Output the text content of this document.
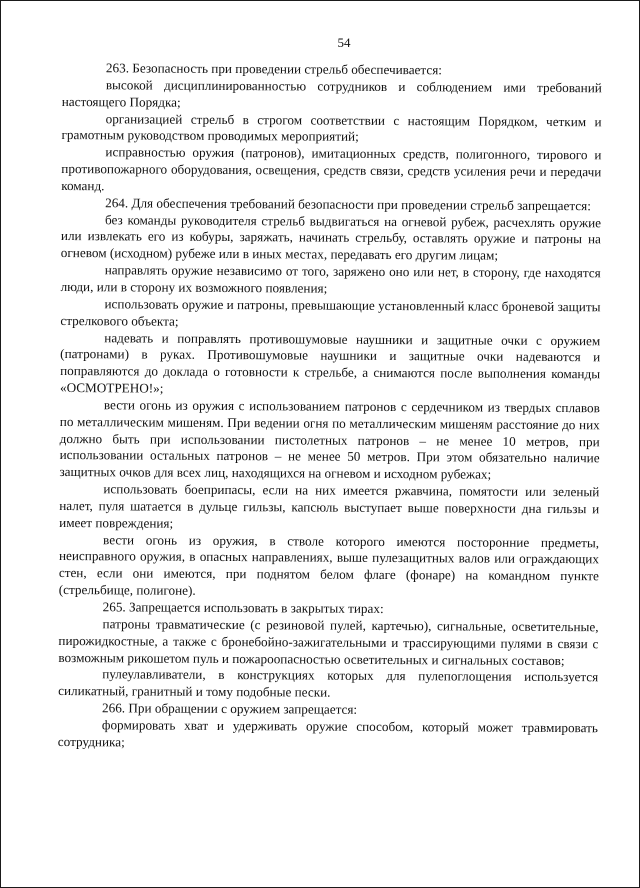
54

263. Безопасность при проведении стрельб обеспечивается:

высокой дисциплинированностью сотрудников и соблюдением ими требований настоящего Порядка;

организацией стрельб в строгом соответствии с настоящим Порядком, четким и грамотным руководством проводимых мероприятий;

исправностью оружия (патронов), имитационных средств, полигонного, тирового и противопожарного оборудования, освещения, средств связи, средств усиления речи и передачи команд.

264. Для обеспечения требований безопасности при проведении стрельб запрещается:

без команды руководителя стрельб выдвигаться на огневой рубеж, расчехлять оружие или извлекать его из кобуры, заряжать, начинать стрельбу, оставлять оружие и патроны на огневом (исходном) рубеже или в иных местах, передавать его другим лицам;

направлять оружие независимо от того, заряжено оно или нет, в сторону, где находятся люди, или в сторону их возможного появления;

использовать оружие и патроны, превышающие установленный класс броневой защиты стрелкового объекта;

надевать и поправлять противошумовые наушники и защитные очки с оружием (патронами) в руках. Противошумовые наушники и защитные очки надеваются и поправляются до доклада о готовности к стрельбе, а снимаются после выполнения команды «ОСМОТРЕНО!»;

вести огонь из оружия с использованием патронов с сердечником из твердых сплавов по металлическим мишеням. При ведении огня по металлическим мишеням расстояние до них должно быть при использовании пистолетных патронов – не менее 10 метров, при использовании остальных патронов – не менее 50 метров. При этом обязательно наличие защитных очков для всех лиц, находящихся на огневом и исходном рубежах;

использовать боеприпасы, если на них имеется ржавчина, помятости или зеленый налет, пуля шатается в дульце гильзы, капсюль выступает выше поверхности дна гильзы и имеет повреждения;

вести огонь из оружия, в стволе которого имеются посторонние предметы, неисправного оружия, в опасных направлениях, выше пулезащитных валов или ограждающих стен, если они имеются, при поднятом белом флаге (фонаре) на командном пункте (стрельбище, полигоне).

265. Запрещается использовать в закрытых тирах:

патроны травматические (с резиновой пулей, картечью), сигнальные, осветительные, пирожидкостные, а также с бронебойно-зажигательными и трассирующими пулями в связи с возможным рикошетом пуль и пожароопасностью осветительных и сигнальных составов;

пулеулавливатели, в конструкциях которых для пулепоглощения используется силикатный, гранитный и тому подобные пески.

266. При обращении с оружием запрещается:

формировать хват и удерживать оружие способом, который может травмировать сотрудника;
